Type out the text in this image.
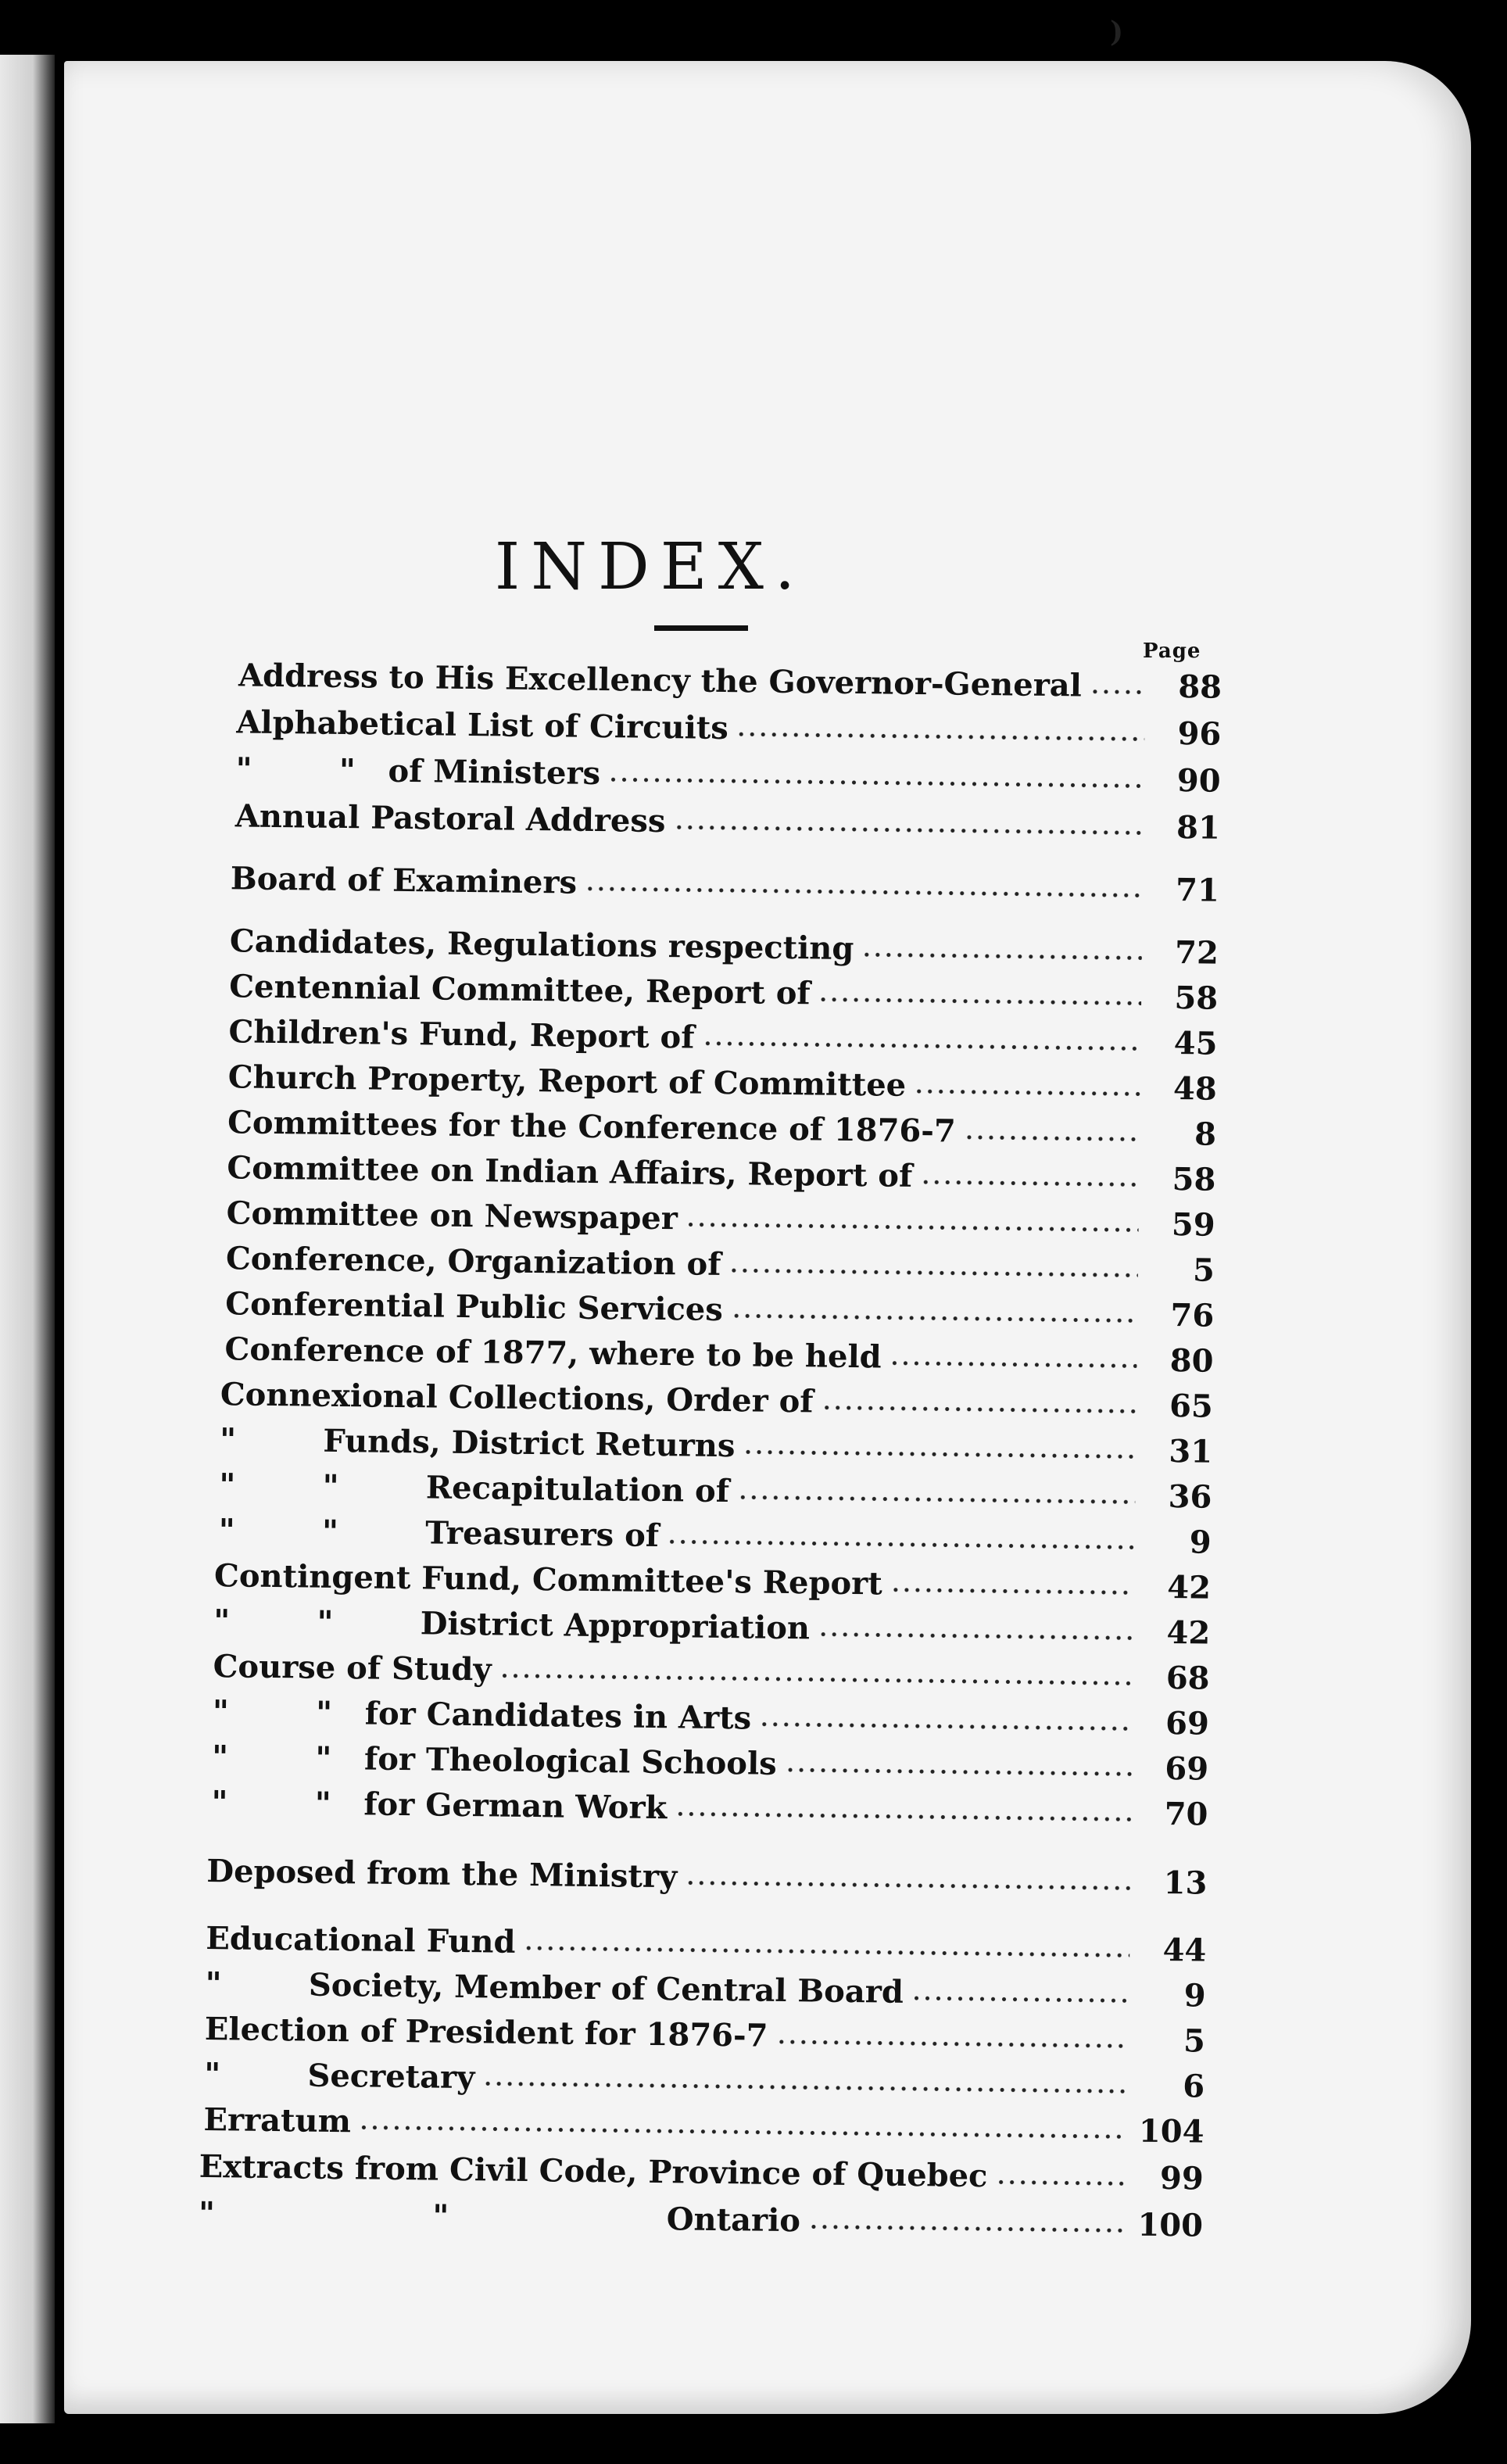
INDEX.
Page
Address to His Excellency the Governor-General	88
Alphabetical List of Circuits	96
"        "   of Ministers	90
Annual Pastoral Address	81
Board of Examiners	71
Candidates, Regulations respecting	72
Centennial Committee, Report of	58
Children's Fund, Report of	45
Church Property, Report of Committee	48
Committees for the Conference of 1876-7	8
Committee on Indian Affairs, Report of	58
Committee on Newspaper	59
Conference, Organization of	5
Conferential Public Services	76
Conference of 1877, where to be held	80
Connexional Collections, Order of	65
"        Funds, District Returns	31
"        "        Recapitulation of	36
"        "        Treasurers of	9
Contingent Fund, Committee's Report	42
"        "        District Appropriation	42
Course of Study	68
"        "   for Candidates in Arts	69
"        "   for Theological Schools	69
"        "   for German Work	70
Deposed from the Ministry	13
Educational Fund	44
"        Society, Member of Central Board	9
Election of President for 1876-7	5
"        Secretary	6
Erratum	104
Extracts from Civil Code, Province of Quebec	99
"                    "                    Ontario	100
)
